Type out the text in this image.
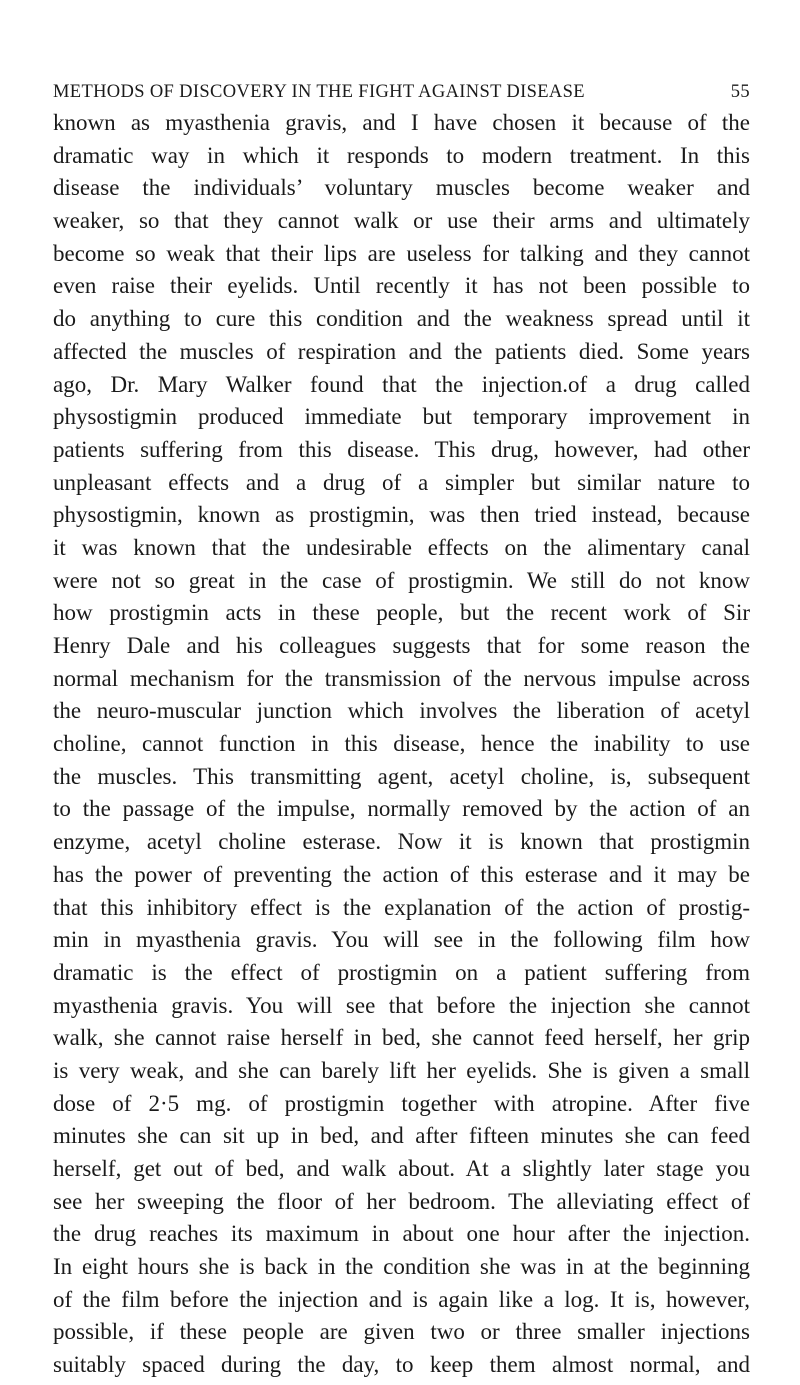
METHODS OF DISCOVERY IN THE FIGHT AGAINST DISEASE	55
known as myasthenia gravis, and I have chosen it because of the
dramatic way in which it responds to modern treatment. In this
disease the individuals’ voluntary muscles become weaker and
weaker, so that they cannot walk or use their arms and ultimately
become so weak that their lips are useless for talking and they cannot
even raise their eyelids. Until recently it has not been possible to
do anything to cure this condition and the weakness spread until it
affected the muscles of respiration and the patients died. Some years
ago, Dr. Mary Walker found that the injection.of a drug called
physostigmin produced immediate but temporary improvement in
patients suffering from this disease. This drug, however, had other
unpleasant effects and a drug of a simpler but similar nature to
physostigmin, known as prostigmin, was then tried instead, because
it was known that the undesirable effects on the alimentary canal
were not so great in the case of prostigmin. We still do not know
how prostigmin acts in these people, but the recent work of Sir
Henry Dale and his colleagues suggests that for some reason the
normal mechanism for the transmission of the nervous impulse across
the neuro-muscular junction which involves the liberation of acetyl
choline, cannot function in this disease, hence the inability to use
the muscles. This transmitting agent, acetyl choline, is, subsequent
to the passage of the impulse, normally removed by the action of an
enzyme, acetyl choline esterase. Now it is known that prostigmin
has the power of preventing the action of this esterase and it may be
that this inhibitory effect is the explanation of the action of prostig-
min in myasthenia gravis. You will see in the following film how
dramatic is the effect of prostigmin on a patient suffering from
myasthenia gravis. You will see that before the injection she cannot
walk, she cannot raise herself in bed, she cannot feed herself, her grip
is very weak, and she can barely lift her eyelids. She is given a small
dose of 2·5 mg. of prostigmin together with atropine. After five
minutes she can sit up in bed, and after fifteen minutes she can feed
herself, get out of bed, and walk about. At a slightly later stage you
see her sweeping the floor of her bedroom. The alleviating effect of
the drug reaches its maximum in about one hour after the injection.
In eight hours she is back in the condition she was in at the beginning
of the film before the injection and is again like a log. It is, however,
possible, if these people are given two or three smaller injections
suitably spaced during the day, to keep them almost normal, and
